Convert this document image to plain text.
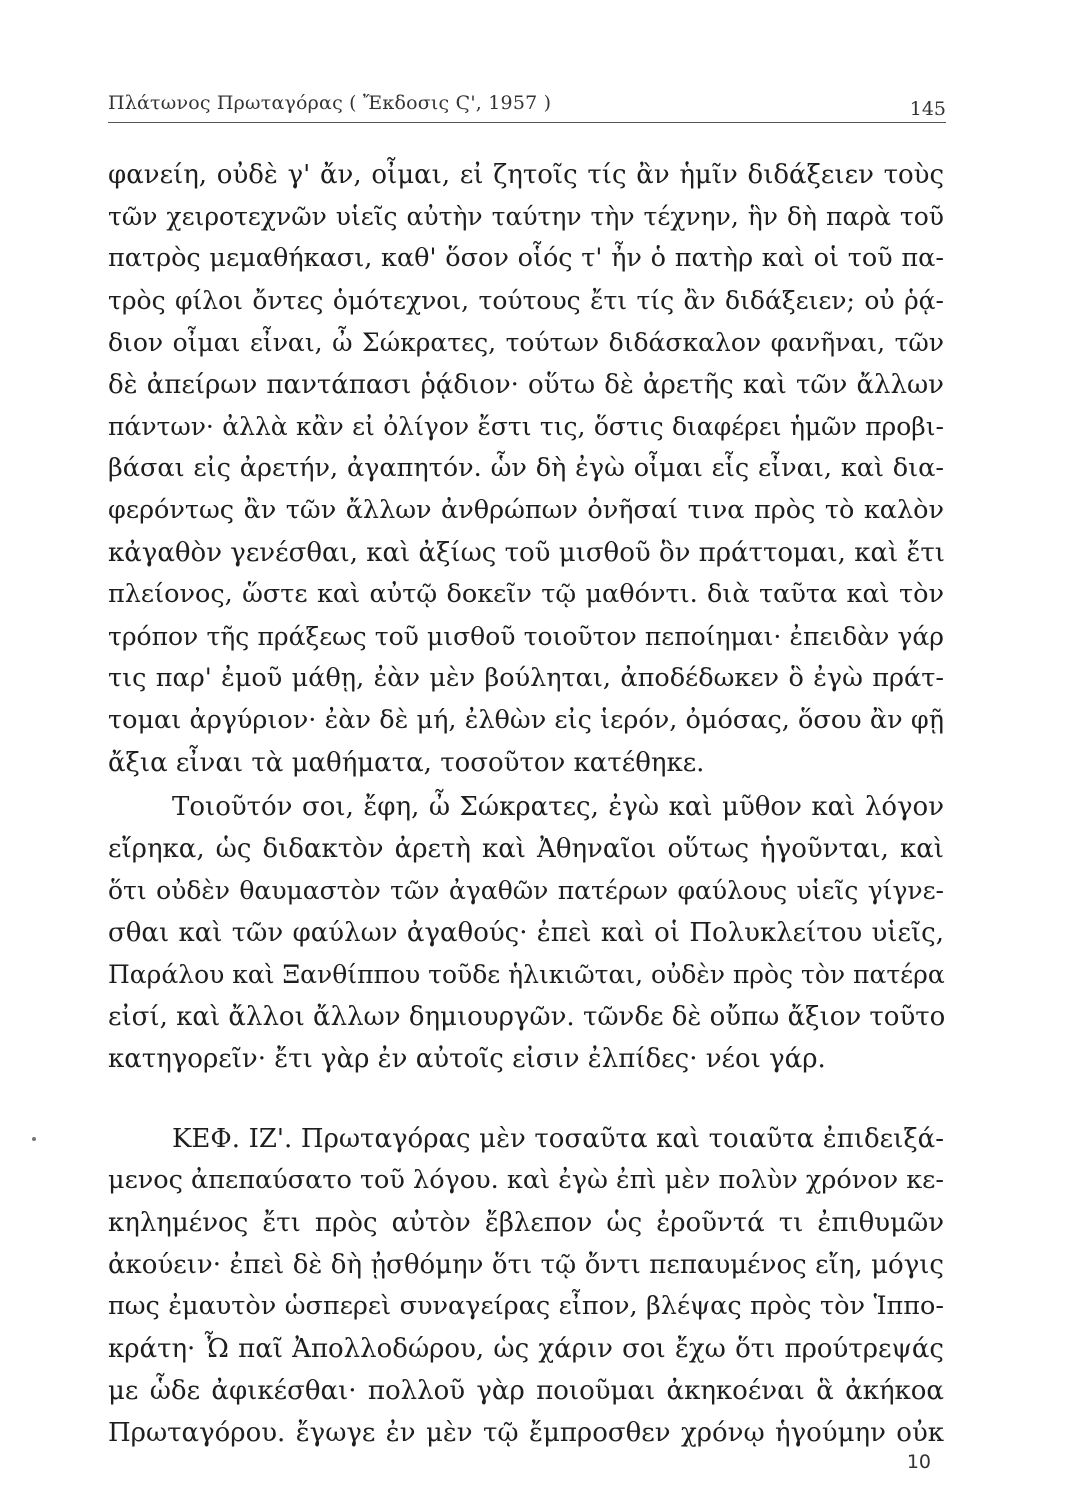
Πλάτωνος Πρωταγόρας ( Ἔκδοσις Ϛ', 1957 )	145
φανείη, οὐδὲ γ' ἄν, οἶμαι, εἰ ζητοῖς τίς ἂν ἡμῖν διδάξειεν τοὺς
τῶν χειροτεχνῶν υἱεῖς αὐτὴν ταύτην τὴν τέχνην, ἣν δὴ παρὰ τοῦ
πατρὸς μεμαθήκασι, καθ' ὅσον οἷός τ' ἦν ὁ πατὴρ καὶ οἱ τοῦ πα-
τρὸς φίλοι ὄντες ὁμότεχνοι, τούτους ἔτι τίς ἂν διδάξειεν; οὐ ῥᾴ-
διον οἶμαι εἶναι, ὦ Σώκρατες, τούτων διδάσκαλον φανῆναι, τῶν
δὲ ἀπείρων παντάπασι ῥᾴδιον· οὕτω δὲ ἀρετῆς καὶ τῶν ἄλλων
πάντων· ἀλλὰ κἂν εἰ ὀλίγον ἔστι τις, ὅστις διαφέρει ἡμῶν προβι-
βάσαι εἰς ἀρετήν, ἀγαπητόν. ὧν δὴ ἐγὼ οἶμαι εἷς εἶναι, καὶ δια-
φερόντως ἂν τῶν ἄλλων ἀνθρώπων ὀνῆσαί τινα πρὸς τὸ καλὸν
κἀγαθὸν γενέσθαι, καὶ ἀξίως τοῦ μισθοῦ ὃν πράττομαι, καὶ ἔτι
πλείονος, ὥστε καὶ αὐτῷ δοκεῖν τῷ μαθόντι. διὰ ταῦτα καὶ τὸν
τρόπον τῆς πράξεως τοῦ μισθοῦ τοιοῦτον πεποίημαι· ἐπειδὰν γάρ
τις παρ' ἐμοῦ μάθῃ, ἐὰν μὲν βούληται, ἀποδέδωκεν ὃ ἐγὼ πράτ-
τομαι ἀργύριον· ἐὰν δὲ μή, ἐλθὼν εἰς ἱερόν, ὀμόσας, ὅσου ἂν φῇ
ἄξια εἶναι τὰ μαθήματα, τοσοῦτον κατέθηκε.
Τοιοῦτόν σοι, ἔφη, ὦ Σώκρατες, ἐγὼ καὶ μῦθον καὶ λόγον
εἴρηκα, ὡς διδακτὸν ἀρετὴ καὶ Ἀθηναῖοι οὕτως ἡγοῦνται, καὶ
ὅτι οὐδὲν θαυμαστὸν τῶν ἀγαθῶν πατέρων φαύλους υἱεῖς γίγνε-
σθαι καὶ τῶν φαύλων ἀγαθούς· ἐπεὶ καὶ οἱ Πολυκλείτου υἱεῖς,
Παράλου καὶ Ξανθίππου τοῦδε ἡλικιῶται, οὐδὲν πρὸς τὸν πατέρα
εἰσί, καὶ ἄλλοι ἄλλων δημιουργῶν. τῶνδε δὲ οὔπω ἄξιον τοῦτο
κατηγορεῖν· ἔτι γὰρ ἐν αὐτοῖς εἰσιν ἐλπίδες· νέοι γάρ.
ΚΕΦ. ΙΖ'. Πρωταγόρας μὲν τοσαῦτα καὶ τοιαῦτα ἐπιδειξά-
μενος ἀπεπαύσατο τοῦ λόγου. καὶ ἐγὼ ἐπὶ μὲν πολὺν χρόνον κε-
κηλημένος ἔτι πρὸς αὐτὸν ἔβλεπον ὡς ἐροῦντά τι ἐπιθυμῶν
ἀκούειν· ἐπεὶ δὲ δὴ ᾐσθόμην ὅτι τῷ ὄντι πεπαυμένος εἴη, μόγις
πως ἐμαυτὸν ὡσπερεὶ συναγείρας εἶπον, βλέψας πρὸς τὸν Ἱππο-
κράτη· Ὦ παῖ Ἀπολλοδώρου, ὡς χάριν σοι ἔχω ὅτι προύτρεψάς
με ὧδε ἀφικέσθαι· πολλοῦ γὰρ ποιοῦμαι ἀκηκοέναι ἃ ἀκήκοα
Πρωταγόρου. ἔγωγε ἐν μὲν τῷ ἔμπροσθεν χρόνῳ ἡγούμην οὐκ
10
